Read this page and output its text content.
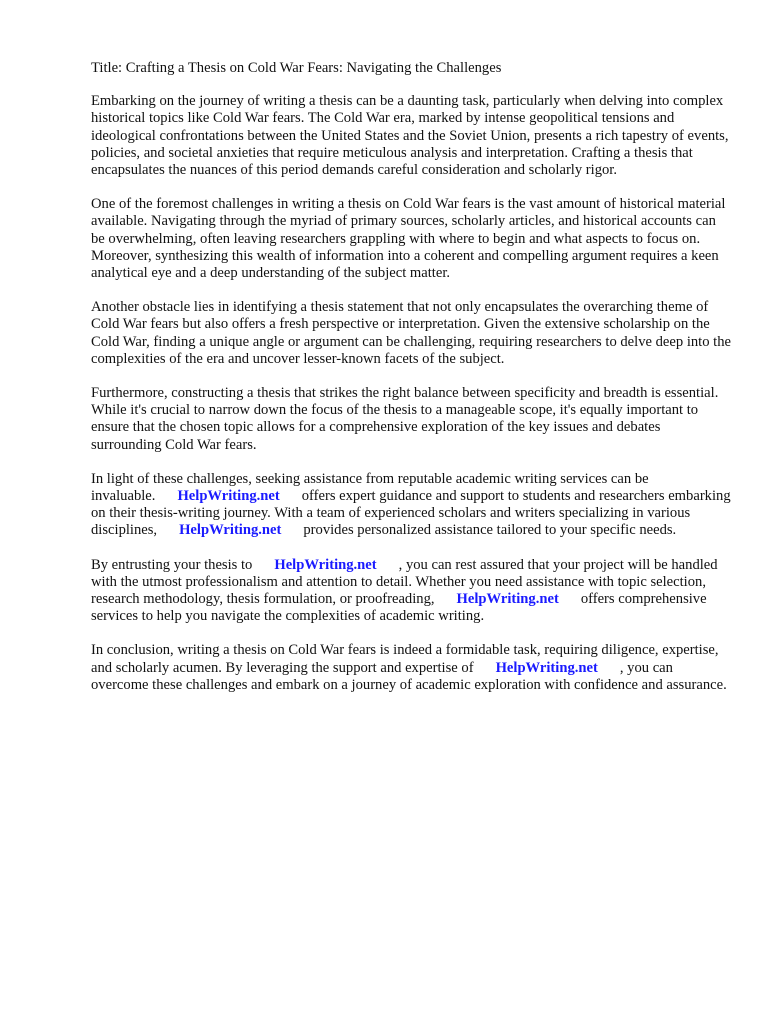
Title: Crafting a Thesis on Cold War Fears: Navigating the Challenges

Embarking on the journey of writing a thesis can be a daunting task, particularly when delving into complex historical topics like Cold War fears. The Cold War era, marked by intense geopolitical tensions and ideological confrontations between the United States and the Soviet Union, presents a rich tapestry of events, policies, and societal anxieties that require meticulous analysis and interpretation. Crafting a thesis that encapsulates the nuances of this period demands careful consideration and scholarly rigor.

One of the foremost challenges in writing a thesis on Cold War fears is the vast amount of historical material available. Navigating through the myriad of primary sources, scholarly articles, and historical accounts can be overwhelming, often leaving researchers grappling with where to begin and what aspects to focus on. Moreover, synthesizing this wealth of information into a coherent and compelling argument requires a keen analytical eye and a deep understanding of the subject matter.

Another obstacle lies in identifying a thesis statement that not only encapsulates the overarching theme of Cold War fears but also offers a fresh perspective or interpretation. Given the extensive scholarship on the Cold War, finding a unique angle or argument can be challenging, requiring researchers to delve deep into the complexities of the era and uncover lesser-known facets of the subject.

Furthermore, constructing a thesis that strikes the right balance between specificity and breadth is essential. While it's crucial to narrow down the focus of the thesis to a manageable scope, it's equally important to ensure that the chosen topic allows for a comprehensive exploration of the key issues and debates surrounding Cold War fears.

In light of these challenges, seeking assistance from reputable academic writing services can be invaluable. HelpWriting.net offers expert guidance and support to students and researchers embarking on their thesis-writing journey. With a team of experienced scholars and writers specializing in various disciplines, HelpWriting.net provides personalized assistance tailored to your specific needs.

By entrusting your thesis to HelpWriting.net , you can rest assured that your project will be handled with the utmost professionalism and attention to detail. Whether you need assistance with topic selection, research methodology, thesis formulation, or proofreading, HelpWriting.net offers comprehensive services to help you navigate the complexities of academic writing.

In conclusion, writing a thesis on Cold War fears is indeed a formidable task, requiring diligence, expertise, and scholarly acumen. By leveraging the support and expertise of HelpWriting.net , you can overcome these challenges and embark on a journey of academic exploration with confidence and assurance.
